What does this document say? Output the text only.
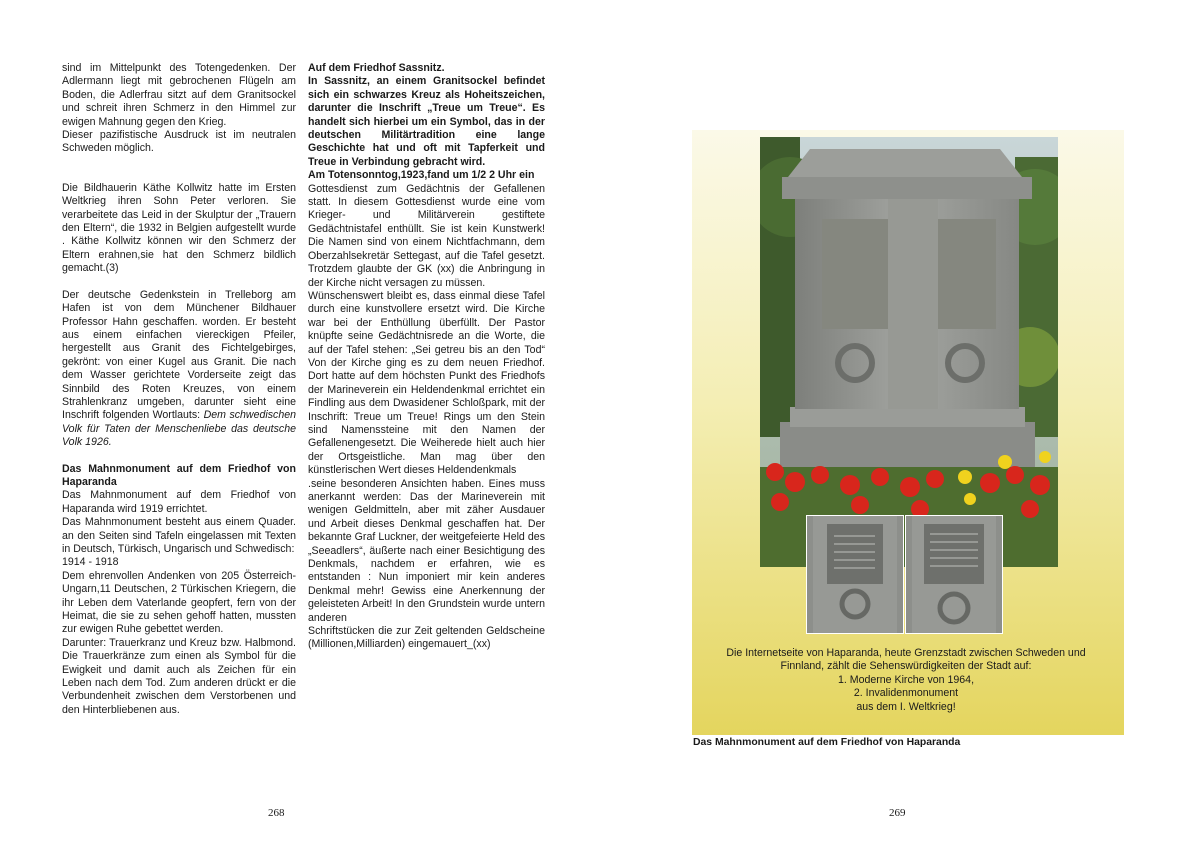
sind im Mittelpunkt des Totengedenken. Der Adlermann liegt mit gebrochenen Flügeln am Boden, die Adlerfrau sitzt auf dem Granitsockel und schreit ihren Schmerz in den Himmel zur ewigen Mahnung gegen den Krieg.

Dieser pazifistische Ausdruck ist im neutralen Schweden möglich.

Die Bildhauerin Käthe Kollwitz hatte im Ersten Weltkrieg ihren Sohn Peter verloren. Sie verarbeitete das Leid in der Skulptur der „Trauern den Eltern“, die 1932 in Belgien aufgestellt wurde . Käthe Kollwitz können wir den Schmerz der Eltern erahnen,sie hat den Schmerz bildlich gemacht.(3)

Der deutsche Gedenkstein in Trelleborg am Hafen ist von dem Münchener Bildhauer Professor Hahn geschaffen. worden. Er besteht aus einem einfachen viereckigen Pfeiler, hergestellt aus Granit des Fichtelgebirges, gekrönt: von einer Kugel aus Granit. Die nach dem Wasser gerichtete Vorderseite zeigt das Sinnbild des Roten Kreuzes, von einem Strahlenkranz umgeben, darunter sieht eine Inschrift folgenden Wortlauts: Dem schwedischen Volk für Taten der Menschenliebe das deutsche Volk 1926.

Das Mahnmonument auf dem Friedhof von Haparanda

Das Mahnmonument auf dem Friedhof von Haparanda wird 1919 errichtet.

Das Mahnmonument besteht aus einem Quader. an den Seiten sind Tafeln eingelassen mit Texten in Deutsch, Türkisch, Ungarisch und Schwedisch:

1914 - 1918

Dem ehrenvollen Andenken von 205 Österreich-Ungarn,11 Deutschen, 2 Türkischen Kriegern, die ihr Leben dem Vaterlande geopfert, fern von der Heimat, die sie zu sehen gehoff hatten, mussten zur ewigen Ruhe gebettet werden.

Darunter: Trauerkranz und Kreuz bzw. Halbmond. Die Trauerkränze zum einen als Symbol für die Ewigkeit und damit auch als Zeichen für ein Leben nach dem Tod. Zum anderen drückt er die Verbundenheit zwischen dem Verstorbenen und den Hinterbliebenen aus.

Auf dem Friedhof Sassnitz.

In Sassnitz, an einem Granitsockel befindet sich ein schwarzes Kreuz als Hoheitszeichen, darunter die Inschrift „Treue um Treue“. Es handelt sich hierbei um ein Symbol, das in der deutschen Militärtradition eine lange Geschichte hat und oft mit Tapferkeit und Treue in Verbindung gebracht wird.

Am Totensonntog,1923,fand um 1/2 2 Uhr ein

Gottesdienst zum Gedächtnis der Gefallenen statt. In diesem Gottesdienst wurde eine vom Krieger- und Militärverein gestiftete Gedächtnistafel enthüllt. Sie ist kein Kunstwerk! Die Namen sind von einem Nichtfachmann, dem Oberzahlsekretär Settegast, auf die Tafel gesetzt. Trotzdem glaubte der GK (xx) die Anbringung in der Kirche nicht versagen zu müssen.

Wünschenswert bleibt es, dass einmal diese Tafel durch eine kunstvollere ersetzt wird. Die Kirche war bei der Enthüllung überfüllt. Der Pastor knüpfte seine Gedächtnisrede an die Worte, die auf der Tafel stehen: „Sei getreu bis an den Tod“ Von der Kirche ging es zu dem neuen Friedhof. Dort hatte auf dem höchsten Punkt des Friedhofs der Marineverein ein Heldendenkmal errichtet ein Findling aus dem Dwasidener Schloßpark, mit der Inschrift: Treue um Treue! Rings um den Stein sind Namenssteine mit den Namen der Gefallenengesetzt. Die Weiherede hielt auch hier der Ortsgeistliche. Man mag über den künstlerischen Wert dieses Heldendenkmals

.seine besonderen Ansichten haben. Eines muss anerkannt werden: Das der Marineverein mit wenigen Geldmitteln, aber mit zäher Ausdauer und Arbeit dieses Denkmal geschaffen hat. Der bekannte Graf Luckner, der weitgefeierte Held des „Seeadlers“, äußerte nach einer Besichtigung des Denkmals, nachdem er erfahren, wie es entstanden : Nun imponiert mir kein anderes Denkmal mehr! Gewiss eine Anerkennung der geleisteten Arbeit! In den Grundstein wurde untern anderen

Schriftstücken die zur Zeit geltenden Geldscheine (Millionen,Milliarden) eingemauert_(xx)

Die Internetseite von Haparanda, heute Grenzstadt zwischen Schweden und

Finnland, zählt die Sehenswürdigkeiten der Stadt auf:

1. Moderne Kirche von 1964,

2. Invalidenmonument

aus dem I. Weltkrieg!

Das Mahnmonument auf dem Friedhof von Haparanda
268	269
